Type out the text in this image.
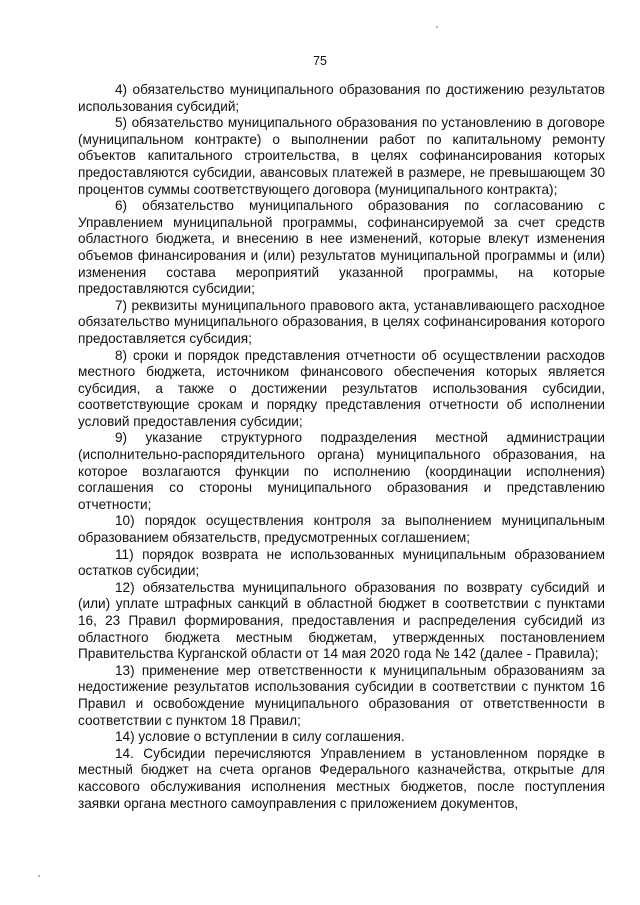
75

4) обязательство муниципального образования по достижению результатов использования субсидий;

5) обязательство муниципального образования по установлению в договоре (муниципальном контракте) о выполнении работ по капитальному ремонту объектов капитального строительства, в целях софинансирования которых предоставляются субсидии, авансовых платежей в размере, не превышающем 30 процентов суммы соответствующего договора (муниципального контракта);

6) обязательство муниципального образования по согласованию с Управлением муниципальной программы, софинансируемой за счет средств областного бюджета, и внесению в нее изменений, которые влекут изменения объемов финансирования и (или) результатов муниципальной программы и (или) изменения состава мероприятий указанной программы, на которые предоставляются субсидии;

7) реквизиты муниципального правового акта, устанавливающего расходное обязательство муниципального образования, в целях софинансирования которого предоставляется субсидия;

8) сроки и порядок представления отчетности об осуществлении расходов местного бюджета, источником финансового обеспечения которых является субсидия, а также о достижении результатов использования субсидии, соответствующие срокам и порядку представления отчетности об исполнении условий предоставления субсидии;

9) указание структурного подразделения местной администрации (исполнительно-распорядительного органа) муниципального образования, на которое возлагаются функции по исполнению (координации исполнения) соглашения со стороны муниципального образования и представлению отчетности;

10) порядок осуществления контроля за выполнением муниципальным образованием обязательств, предусмотренных соглашением;

11) порядок возврата не использованных муниципальным образованием остатков субсидии;

12) обязательства муниципального образования по возврату субсидий и (или) уплате штрафных санкций в областной бюджет в соответствии с пунктами 16, 23 Правил формирования, предоставления и распределения субсидий из областного бюджета местным бюджетам, утвержденных постановлением Правительства Курганской области от 14 мая 2020 года № 142 (далее - Правила);

13) применение мер ответственности к муниципальным образованиям за недостижение результатов использования субсидии в соответствии с пунктом 16 Правил и освобождение муниципального образования от ответственности в соответствии с пунктом 18 Правил;

14) условие о вступлении в силу соглашения.

14. Субсидии перечисляются Управлением в установленном порядке в местный бюджет на счета органов Федерального казначейства, открытые для кассового обслуживания исполнения местных бюджетов, после поступления заявки органа местного самоуправления с приложением документов,
